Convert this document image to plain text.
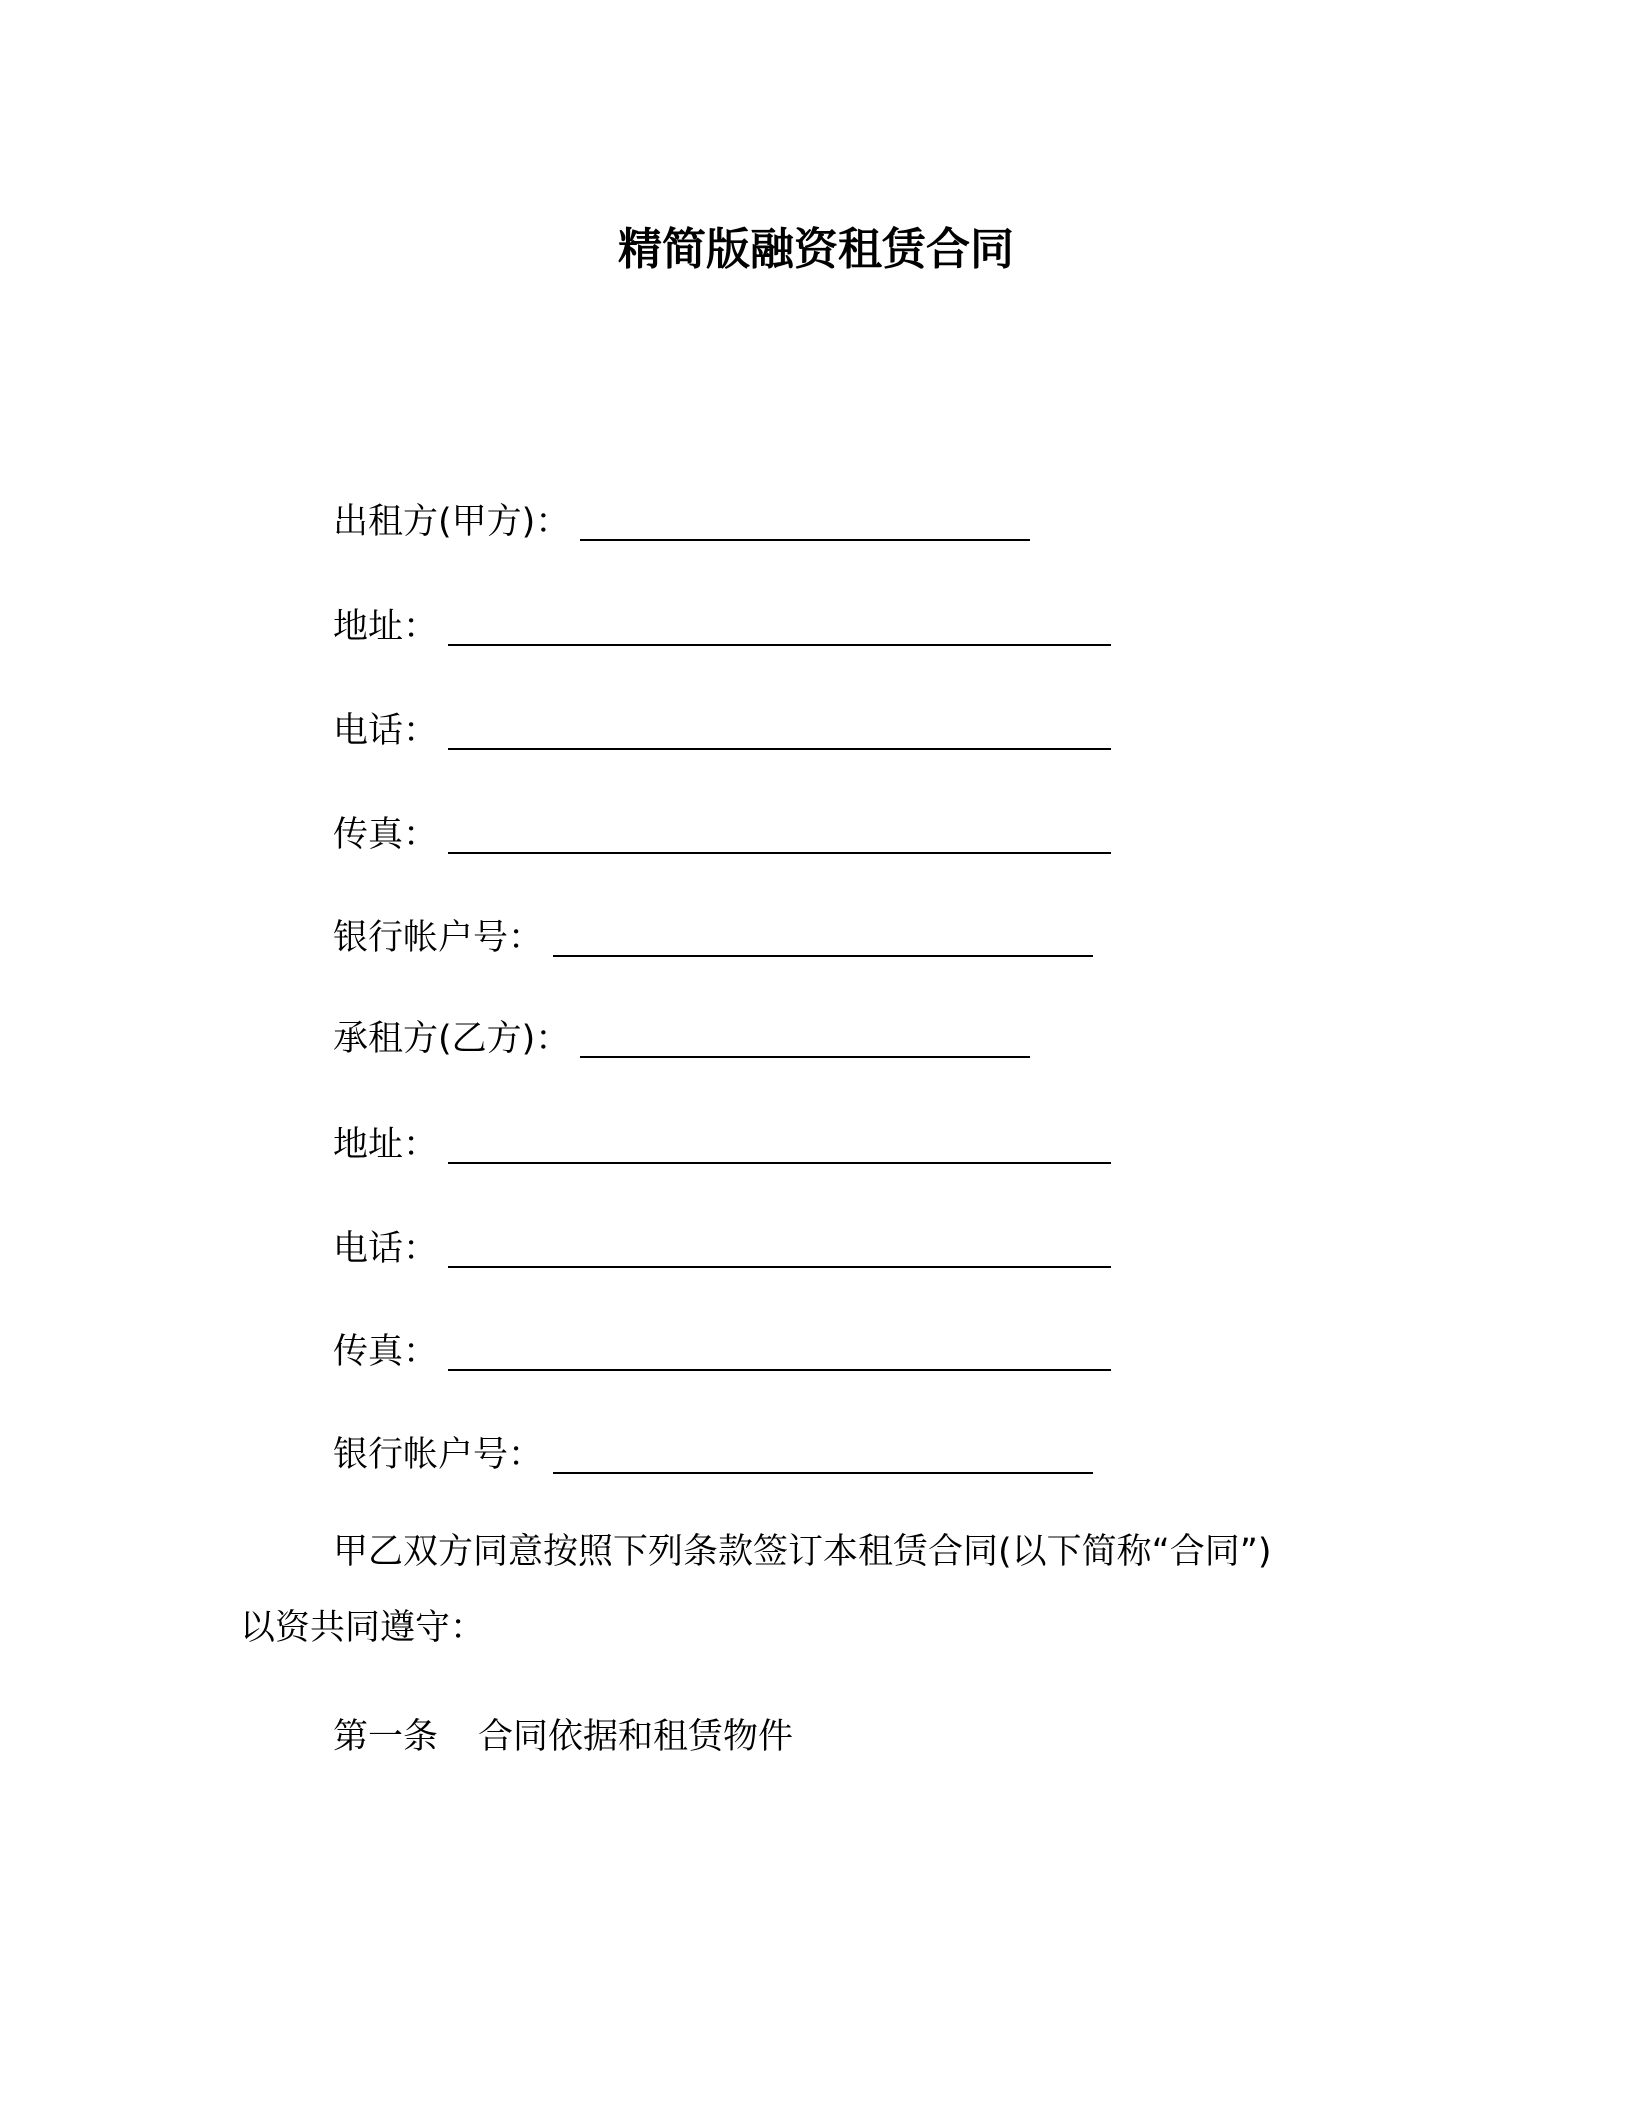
精简版融资租赁合同
出租方(甲方)：
地址：
电话：
传真：
银行帐户号：
承租方(乙方)：
地址：
电话：
传真：
银行帐户号：
甲乙双方同意按照下列条款签订本租赁合同(以下简称“合同”)
以资共同遵守：
第一条 合同依据和租赁物件
